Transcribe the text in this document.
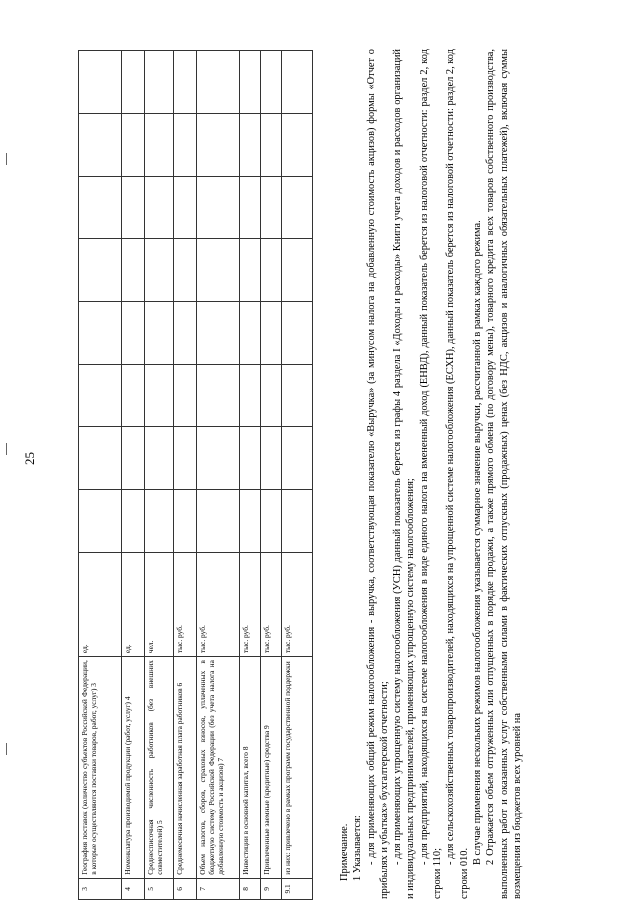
25
3	География поставок (количество субъектов Российской Федерации, в которые осуществляются поставки товаров, работ, услуг) 3	ед.								
4	Номенклатура производимой продукции (работ, услуг) 4	ед.								
5	Среднесписочная численность работников (без внешних совместителей) 5	чел.								
6	Среднемесячная начисленная заработная плата работников 6	тыс. руб.								
7	Объем налогов, сборов, страховых взносов, уплаченных в бюджетную систему Российской Федерации (без учета налога на добавленную стоимость и акцизов) 7	тыс. руб.								
8	Инвестиции в основной капитал, всего 8	тыс. руб.								
9	Привлеченные заемные (кредитные) средства 9	тыс. руб.								
9.1	из них: привлечено в рамках программ государственной поддержки	тыс. руб.								

Примечание. 1 Указывается: - для применяющих общий режим налогообложения - выручка, соответствующая показателю «Выручка» (за минусом налога на добавленную стоимость акцизов) формы «Отчет о прибылях и убытках» бухгалтерской отчетности; - для применяющих упрощенную систему налогообложения (УСН) данный показатель берется из графы 4 раздела I «Доходы и расходы» Книги учета доходов и расходов организаций и индивидуальных предпринимателей, применяющих упрощенную систему налогообложения; - для предприятий, находящихся на системе налогообложения в виде единого налога на вмененный доход (ЕНВД), данный показатель берется из налоговой отчетности: раздел 2, код строки 110;

- для сельскохозяйственных товаропроизводителей, находящихся на упрощенной системе налогообложения (ЕСХН), данный показатель берется из налоговой отчетности: раздел 2, код строки 010.

В случае применения нескольких режимов налогообложения указывается суммарное значение выручки, рассчитанной в рамках каждого режима. 2 Отражается объем отгруженных или отпущенных в порядке продажи, а также прямого обмена (по договору мены), товарного кредита всех товаров собственного производства, выполненных работ и оказанных услуг собственными силами в фактических отпускных (продажных) ценах (без НДС, акцизов и аналогичных обязательных платежей), включая суммы возмещения из бюджетов всех уровней на
